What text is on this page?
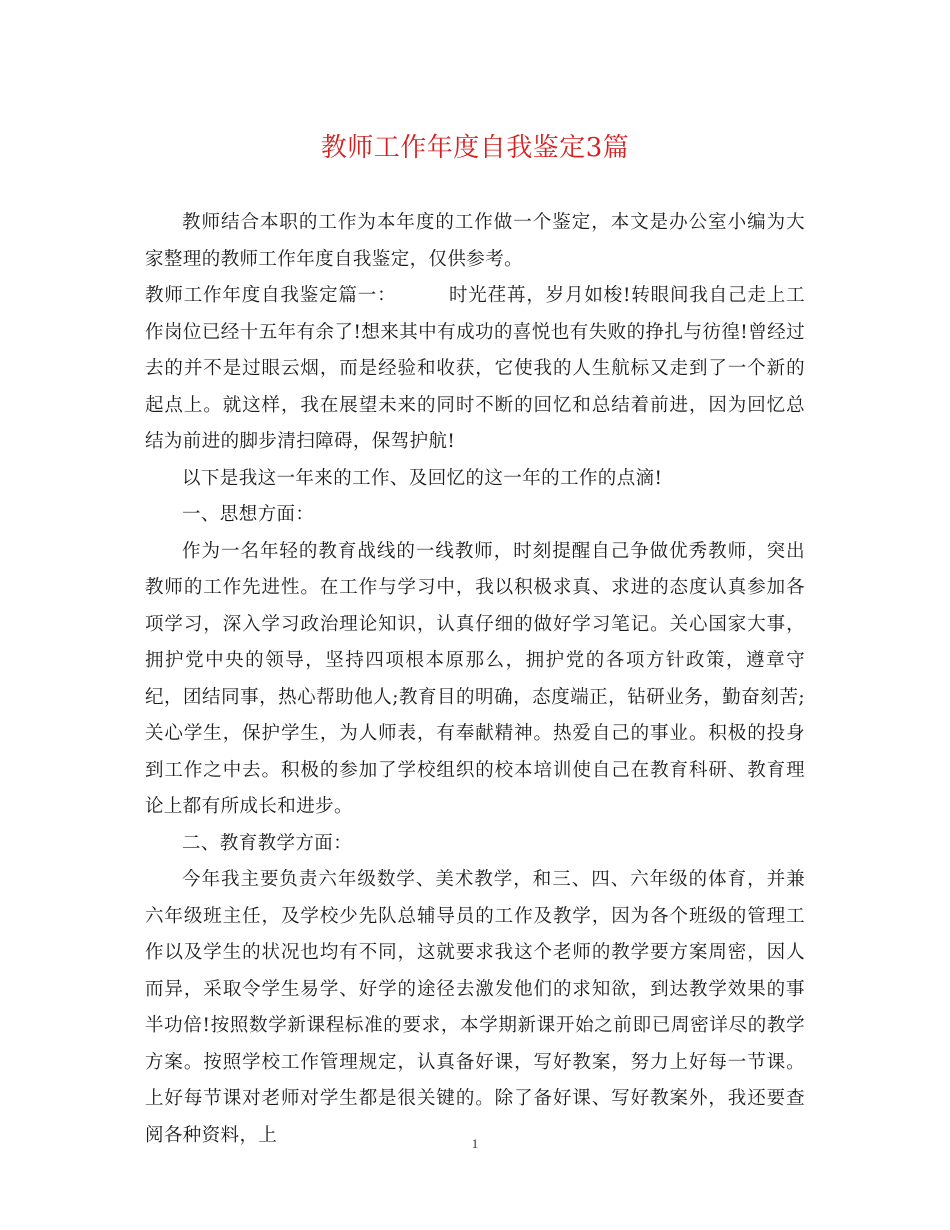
教师工作年度自我鉴定3篇

教师结合本职的工作为本年度的工作做一个鉴定，本文是办公室小编为大家整理的教师工作年度自我鉴定，仅供参考。

教师工作年度自我鉴定篇一：	时光荏苒，岁月如梭!转眼间我自己走上工作岗位已经十五年有余了!想来其中有成功的喜悦也有失败的挣扎与彷徨!曾经过去的并不是过眼云烟，而是经验和收获，它使我的人生航标又走到了一个新的起点上。就这样，我在展望未来的同时不断的回忆和总结着前进，因为回忆总结为前进的脚步清扫障碍，保驾护航!

以下是我这一年来的工作、及回忆的这一年的工作的点滴!

一、思想方面：

作为一名年轻的教育战线的一线教师，时刻提醒自己争做优秀教师，突出教师的工作先进性。在工作与学习中，我以积极求真、求进的态度认真参加各项学习，深入学习政治理论知识，认真仔细的做好学习笔记。关心国家大事，拥护党中央的领导，坚持四项根本原那么，拥护党的各项方针政策，遵章守纪，团结同事，热心帮助他人;教育目的明确，态度端正，钻研业务，勤奋刻苦;关心学生，保护学生，为人师表，有奉献精神。热爱自己的事业。积极的投身到工作之中去。积极的参加了学校组织的校本培训使自己在教育科研、教育理论上都有所成长和进步。

二、教育教学方面：

今年我主要负责六年级数学、美术教学，和三、四、六年级的体育，并兼六年级班主任，及学校少先队总辅导员的工作及教学，因为各个班级的管理工作以及学生的状况也均有不同，这就要求我这个老师的教学要方案周密，因人而异，采取令学生易学、好学的途径去激发他们的求知欲，到达教学效果的事半功倍!按照数学新课程标准的要求，本学期新课开始之前即已周密详尽的教学方案。按照学校工作管理规定，认真备好课，写好教案，努力上好每一节课。上好每节课对老师对学生都是很关键的。除了备好课、写好教案外，我还要查阅各种资料，上	1
